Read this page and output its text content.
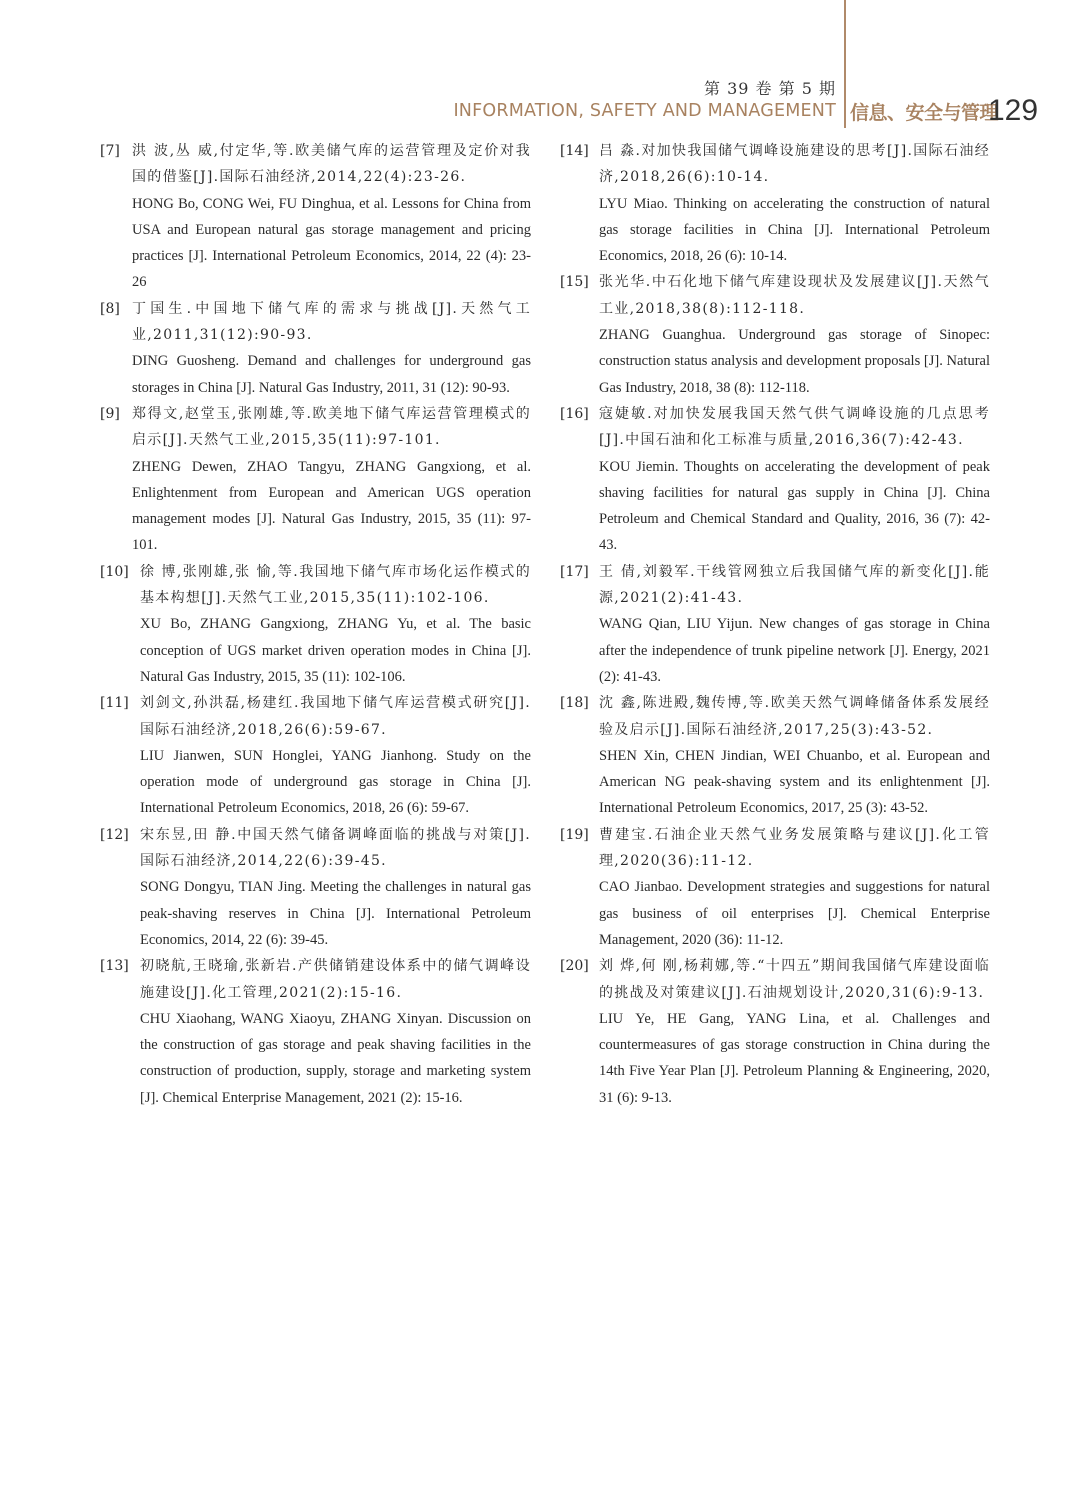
第 39 卷 第 5 期
INFORMATION, SAFETY AND MANAGEMENT 信息、安全与管理
129
[7] 洪 波,丛 威,付定华,等.欧美储气库的运营管理及定价对我国的借鉴[J].国际石油经济,2014,22(4):23-26.

HONG Bo, CONG Wei, FU Dinghua, et al. Lessons for China from USA and European natural gas storage management and pricing practices [J]. International Petroleum Economics, 2014, 22 (4): 23-26

[8] 丁国生.中国地下储气库的需求与挑战[J].天然气工业,2011,31(12):90-93.

DING Guosheng. Demand and challenges for underground gas storages in China [J]. Natural Gas Industry, 2011, 31 (12): 90-93.

[9] 郑得文,赵堂玉,张刚雄,等.欧美地下储气库运营管理模式的启示[J].天然气工业,2015,35(11):97-101.

ZHENG Dewen, ZHAO Tangyu, ZHANG Gangxiong, et al. Enlightenment from European and American UGS operation management modes [J]. Natural Gas Industry, 2015, 35 (11): 97-101.

[10] 徐 博,张刚雄,张 愉,等.我国地下储气库市场化运作模式的基本构想[J].天然气工业,2015,35(11):102-106.

XU Bo, ZHANG Gangxiong, ZHANG Yu, et al. The basic conception of UGS market driven operation modes in China [J]. Natural Gas Industry, 2015, 35 (11): 102-106.

[11] 刘剑文,孙洪磊,杨建红.我国地下储气库运营模式研究[J].国际石油经济,2018,26(6):59-67.

LIU Jianwen, SUN Honglei, YANG Jianhong. Study on the operation mode of underground gas storage in China [J]. International Petroleum Economics, 2018, 26 (6): 59-67.

[12] 宋东昱,田 静.中国天然气储备调峰面临的挑战与对策[J].国际石油经济,2014,22(6):39-45.

SONG Dongyu, TIAN Jing. Meeting the challenges in natural gas peak-shaving reserves in China [J]. International Petroleum Economics, 2014, 22 (6): 39-45.

[13] 初晓航,王晓瑜,张新岩.产供储销建设体系中的储气调峰设施建设[J].化工管理,2021(2):15-16.

CHU Xiaohang, WANG Xiaoyu, ZHANG Xinyan. Discussion on the construction of gas storage and peak shaving facilities in the construction of production, supply, storage and marketing system [J]. Chemical Enterprise Management, 2021 (2): 15-16.

[14] 吕 淼.对加快我国储气调峰设施建设的思考[J].国际石油经济,2018,26(6):10-14.

LYU Miao. Thinking on accelerating the construction of natural gas storage facilities in China [J]. International Petroleum Economics, 2018, 26 (6): 10-14.

[15] 张光华.中石化地下储气库建设现状及发展建议[J].天然气工业,2018,38(8):112-118.

ZHANG Guanghua. Underground gas storage of Sinopec: construction status analysis and development proposals [J]. Natural Gas Industry, 2018, 38 (8): 112-118.

[16] 寇婕敏.对加快发展我国天然气供气调峰设施的几点思考[J].中国石油和化工标准与质量,2016,36(7):42-43.

KOU Jiemin. Thoughts on accelerating the development of peak shaving facilities for natural gas supply in China [J]. China Petroleum and Chemical Standard and Quality, 2016, 36 (7): 42-43.

[17] 王 倩,刘毅军.干线管网独立后我国储气库的新变化[J].能源,2021(2):41-43.

WANG Qian, LIU Yijun. New changes of gas storage in China after the independence of trunk pipeline network [J]. Energy, 2021 (2): 41-43.

[18] 沈 鑫,陈进殿,魏传博,等.欧美天然气调峰储备体系发展经验及启示[J].国际石油经济,2017,25(3):43-52.

SHEN Xin, CHEN Jindian, WEI Chuanbo, et al. European and American NG peak-shaving system and its enlightenment [J]. International Petroleum Economics, 2017, 25 (3): 43-52.

[19] 曹建宝.石油企业天然气业务发展策略与建议[J].化工管理,2020(36):11-12.

CAO Jianbao. Development strategies and suggestions for natural gas business of oil enterprises [J]. Chemical Enterprise Management, 2020 (36): 11-12.

[20] 刘 烨,何 刚,杨莉娜,等.“十四五”期间我国储气库建设面临的挑战及对策建议[J].石油规划设计,2020,31(6):9-13.

LIU Ye, HE Gang, YANG Lina, et al. Challenges and countermeasures of gas storage construction in China during the 14th Five Year Plan [J]. Petroleum Planning & Engineering, 2020, 31 (6): 9-13.
